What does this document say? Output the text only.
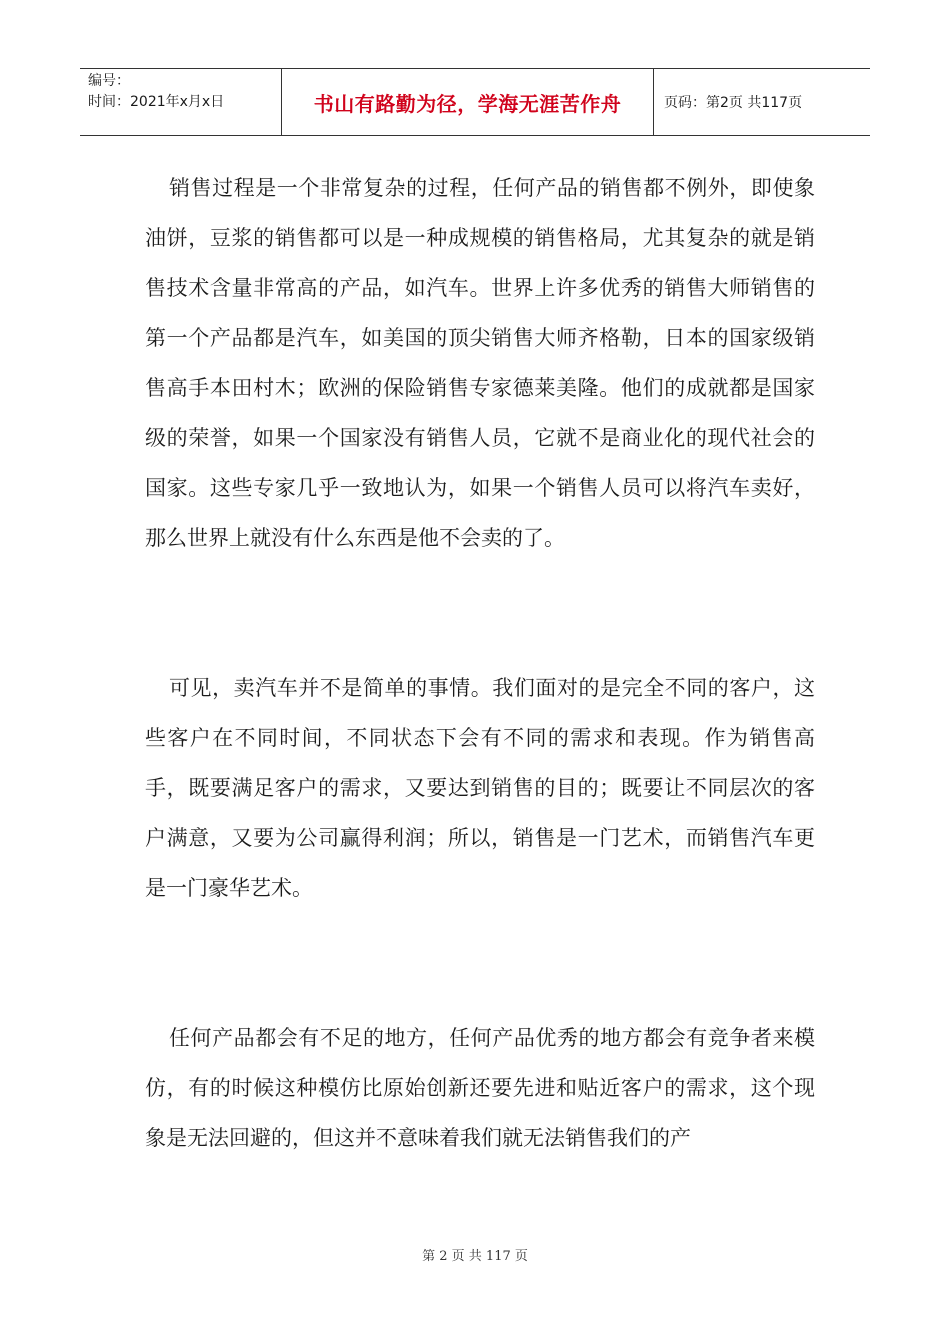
编号：
时间：2021年x月x日	书山有路勤为径，学海无涯苦作舟	页码：第2页 共117页

销售过程是一个非常复杂的过程，任何产品的销售都不例外，即使象油饼，豆浆的销售都可以是一种成规模的销售格局，尤其复杂的就是销售技术含量非常高的产品，如汽车。世界上许多优秀的销售大师销售的第一个产品都是汽车，如美国的顶尖销售大师齐格勒，日本的国家级销售高手本田村木；欧洲的保险销售专家德莱美隆。他们的成就都是国家级的荣誉，如果一个国家没有销售人员，它就不是商业化的现代社会的国家。这些专家几乎一致地认为，如果一个销售人员可以将汽车卖好，那么世界上就没有什么东西是他不会卖的了。

可见，卖汽车并不是简单的事情。我们面对的是完全不同的客户，这些客户在不同时间，不同状态下会有不同的需求和表现。作为销售高手，既要满足客户的需求，又要达到销售的目的；既要让不同层次的客户满意，又要为公司赢得利润；所以，销售是一门艺术，而销售汽车更是一门豪华艺术。

任何产品都会有不足的地方，任何产品优秀的地方都会有竞争者来模仿，有的时候这种模仿比原始创新还要先进和贴近客户的需求，这个现象是无法回避的，但这并不意味着我们就无法销售我们的产

第 2 页 共 117 页
